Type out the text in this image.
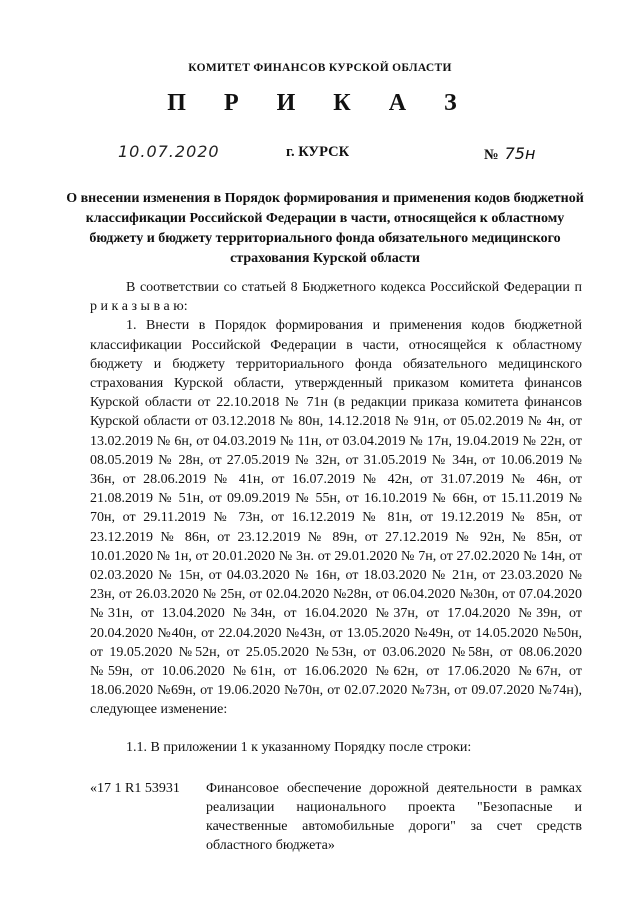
КОМИТЕТ ФИНАНСОВ КУРСКОЙ ОБЛАСТИ
П Р И К А З
10.07.2020	г. КУРСК	№ 75н
О внесении изменения в Порядок формирования и применения кодов бюджетной классификации Российской Федерации в части, относящейся к областному бюджету и бюджету территориального фонда обязательного медицинского страхования Курской области

В соответствии со статьей 8 Бюджетного кодекса Российской Федерации п р и к а з ы в а ю:

1. Внести в Порядок формирования и применения кодов бюджетной классификации Российской Федерации в части, относящейся к областному бюджету и бюджету территориального фонда обязательного медицинского страхования Курской области, утвержденный приказом комитета финансов Курской области от 22.10.2018 № 71н (в редакции приказа комитета финансов Курской области от 03.12.2018 № 80н, 14.12.2018 № 91н, от 05.02.2019 № 4н, от 13.02.2019 № 6н, от 04.03.2019 № 11н, от 03.04.2019 № 17н, 19.04.2019 № 22н, от 08.05.2019 № 28н, от 27.05.2019 № 32н, от 31.05.2019 № 34н, от 10.06.2019 № 36н, от 28.06.2019 № 41н, от 16.07.2019 № 42н, от 31.07.2019 № 46н, от 21.08.2019 № 51н, от 09.09.2019 № 55н, от 16.10.2019 № 66н, от 15.11.2019 № 70н, от 29.11.2019 № 73н, от 16.12.2019 № 81н, от 19.12.2019 № 85н, от 23.12.2019 № 86н, от 23.12.2019 № 89н, от 27.12.2019 № 92н, № 85н, от 10.01.2020 № 1н, от 20.01.2020 № 3н. от 29.01.2020 № 7н, от 27.02.2020 № 14н, от 02.03.2020 № 15н, от 04.03.2020 № 16н, от 18.03.2020 № 21н, от 23.03.2020 № 23н, от 26.03.2020 № 25н, от 02.04.2020 №28н, от 06.04.2020 №30н, от 07.04.2020 №31н, от 13.04.2020 №34н, от 16.04.2020 №37н, от 17.04.2020 №39н, от 20.04.2020 №40н, от 22.04.2020 №43н, от 13.05.2020 №49н, от 14.05.2020 №50н, от 19.05.2020 №52н, от 25.05.2020 №53н, от 03.06.2020 №58н, от 08.06.2020 №59н, от 10.06.2020 №61н, от 16.06.2020 №62н, от 17.06.2020 №67н, от 18.06.2020 №69н, от 19.06.2020 №70н, от 02.07.2020 №73н, от 09.07.2020 №74н), следующее изменение:

1.1. В приложении 1 к указанному Порядку после строки:

«17 1 R1 53931	Финансовое обеспечение дорожной деятельности в рамках реализации национального проекта "Безопасные и качественные автомобильные дороги" за счет средств областного бюджета»
